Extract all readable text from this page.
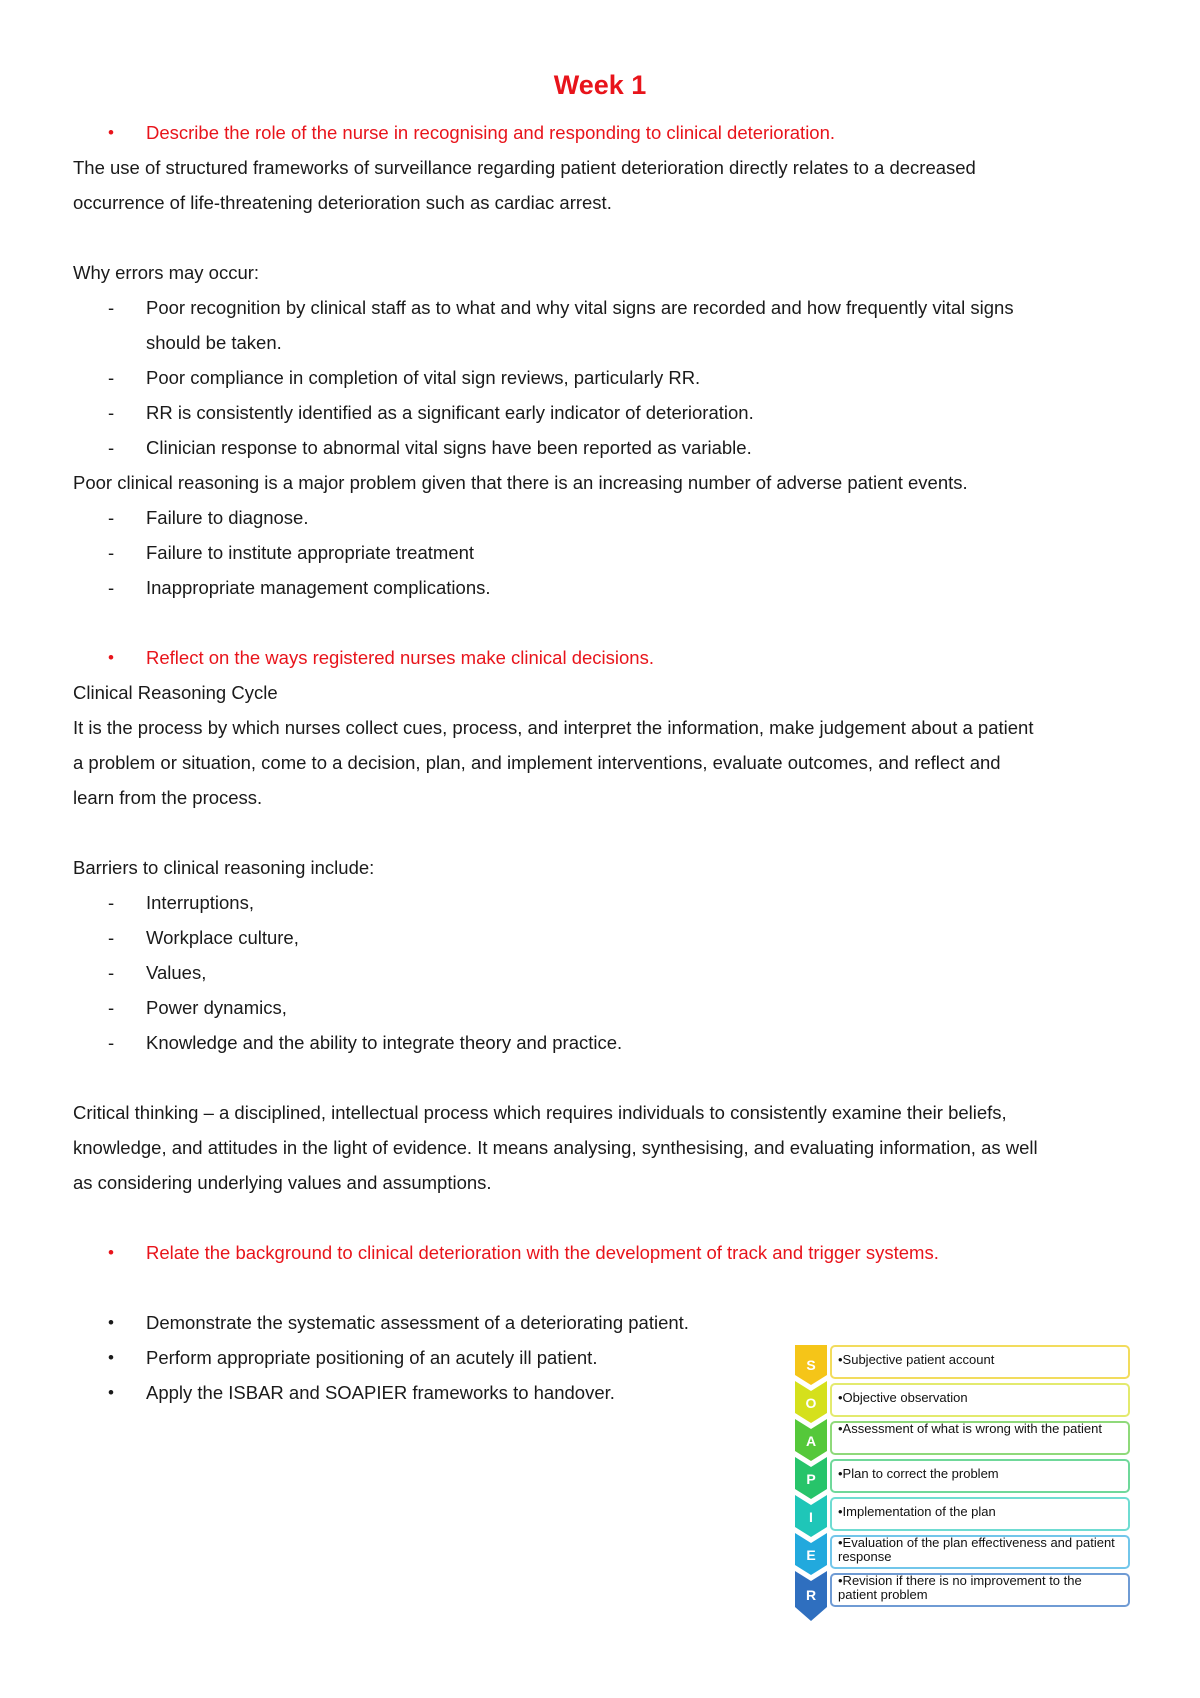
Week 1
• Describe the role of the nurse in recognising and responding to clinical deterioration.
The use of structured frameworks of surveillance regarding patient deterioration directly relates to a decreased
occurrence of life-threatening deterioration such as cardiac arrest.
Why errors may occur:
- Poor recognition by clinical staff as to what and why vital signs are recorded and how frequently vital signs
should be taken.
- Poor compliance in completion of vital sign reviews, particularly RR.
- RR is consistently identified as a significant early indicator of deterioration.
- Clinician response to abnormal vital signs have been reported as variable.
Poor clinical reasoning is a major problem given that there is an increasing number of adverse patient events.
- Failure to diagnose.
- Failure to institute appropriate treatment
- Inappropriate management complications.
• Reflect on the ways registered nurses make clinical decisions.
Clinical Reasoning Cycle
It is the process by which nurses collect cues, process, and interpret the information, make judgement about a patient
a problem or situation, come to a decision, plan, and implement interventions, evaluate outcomes, and reflect and
learn from the process.
Barriers to clinical reasoning include:
- Interruptions,
- Workplace culture,
- Values,
- Power dynamics,
- Knowledge and the ability to integrate theory and practice.
Critical thinking – a disciplined, intellectual process which requires individuals to consistently examine their beliefs,
knowledge, and attitudes in the light of evidence. It means analysing, synthesising, and evaluating information, as well
as considering underlying values and assumptions.
• Relate the background to clinical deterioration with the development of track and trigger systems.
• Demonstrate the systematic assessment of a deteriorating patient.
• Perform appropriate positioning of an acutely ill patient.
• Apply the ISBAR and SOAPIER frameworks to handover.
S
O
A
P
I
E
R
•Subjective patient account
•Objective observation
•Assessment of what is wrong with the patient
•Plan to correct the problem
•Implementation of the plan
•Evaluation of the plan effectiveness and patient response
•Revision if there is no improvement to the patient problem
